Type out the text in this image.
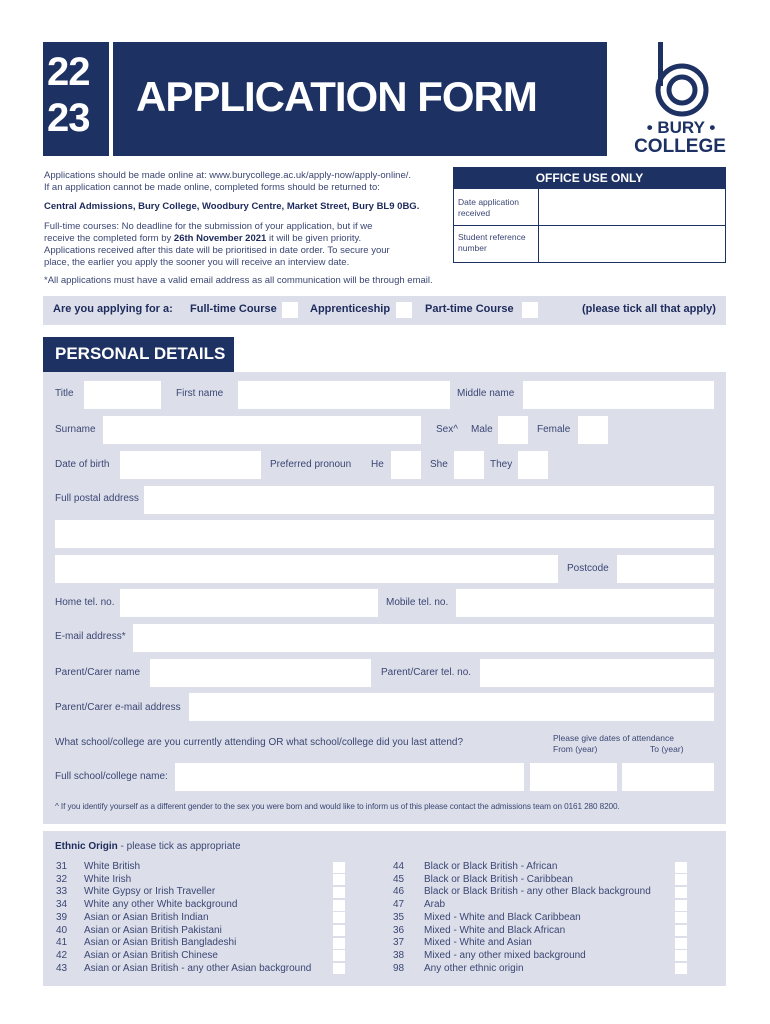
22
23 APPLICATION FORM
• BURY •
COLLEGE
Applications should be made online at: www.burycollege.ac.uk/apply-now/apply-online/.
If an application cannot be made online, completed forms should be returned to:
Central Admissions, Bury College, Woodbury Centre, Market Street, Bury BL9 0BG.
Full-time courses: No deadline for the submission of your application, but if we
receive the completed form by 26th November 2021 it will be given priority.
Applications received after this date will be prioritised in date order. To secure your
place, the earlier you apply the sooner you will receive an interview date.
*All applications must have a valid email address as all communication will be through email.
OFFICE USE ONLY
Date application received
Student reference number
Are you applying for a: Full-time Course	Apprenticeship	Part-time Course	(please tick all that apply)
PERSONAL DETAILS
Title	First name	Middle name
Surname	Sex^ Male	Female
Date of birth	Preferred pronoun He	She	They
Full postal address
Postcode
Home tel. no.	Mobile tel. no.
E-mail address*
Parent/Carer name	Parent/Carer tel. no.
Parent/Carer e-mail address
What school/college are you currently attending OR what school/college did you last attend?	Please give dates of attendance
From (year)	To (year)
Full school/college name:
^ If you identify yourself as a different gender to the sex you were born and would like to inform us of this please contact the admissions team on 0161 280 8200.
Ethnic Origin - please tick as appropriate
31 White British
32 White Irish
33 White Gypsy or Irish Traveller
34 White any other White background
39 Asian or Asian British Indian
40 Asian or Asian British Pakistani
41 Asian or Asian British Bangladeshi
42 Asian or Asian British Chinese
43 Asian or Asian British - any other Asian background
44 Black or Black British - African
45 Black or Black British - Caribbean
46 Black or Black British - any other Black background
47 Arab
35 Mixed - White and Black Caribbean
36 Mixed - White and Black African
37 Mixed - White and Asian
38 Mixed - any other mixed background
98 Any other ethnic origin
